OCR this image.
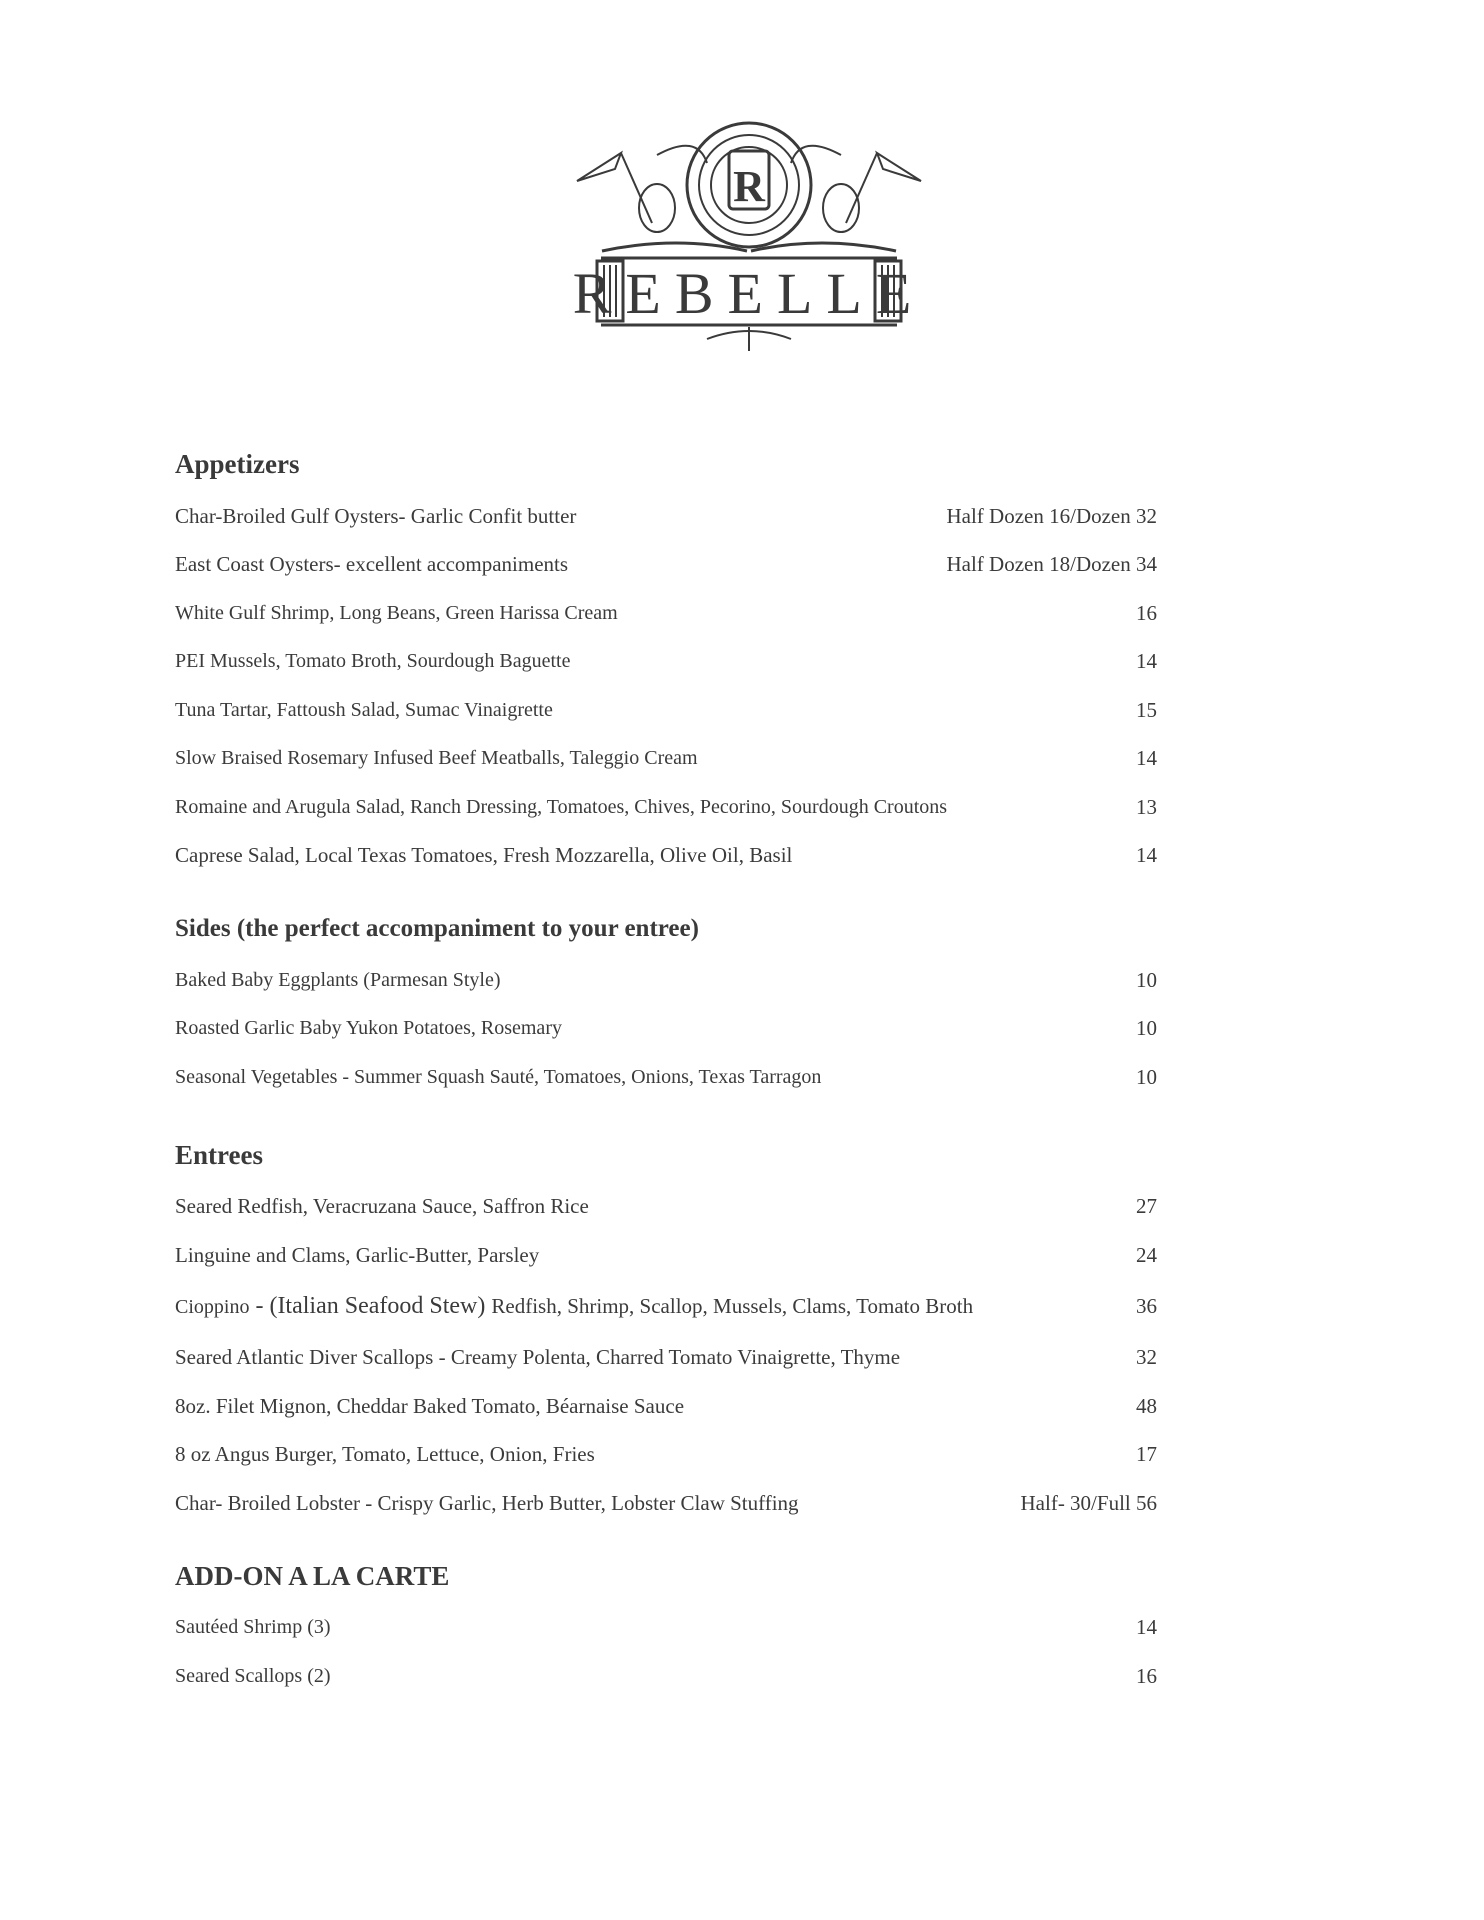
R
REBELLE
Appetizers
Char-Broiled Gulf Oysters- Garlic Confit butter	Half Dozen 16/Dozen 32
East Coast Oysters- excellent accompaniments	Half Dozen 18/Dozen 34
White Gulf Shrimp, Long Beans, Green Harissa Cream	16
PEI Mussels, Tomato Broth, Sourdough Baguette	14
Tuna Tartar, Fattoush Salad, Sumac Vinaigrette	15
Slow Braised Rosemary Infused Beef Meatballs, Taleggio Cream	14
Romaine and Arugula Salad, Ranch Dressing, Tomatoes, Chives, Pecorino, Sourdough Croutons	13
Caprese Salad, Local Texas Tomatoes, Fresh Mozzarella, Olive Oil, Basil	14
Sides (the perfect accompaniment to your entree)
Baked Baby Eggplants (Parmesan Style)	10
Roasted Garlic Baby Yukon Potatoes, Rosemary	10
Seasonal Vegetables - Summer Squash Sauté, Tomatoes, Onions, Texas Tarragon	10
Entrees
Seared Redfish, Veracruzana Sauce, Saffron Rice	27
Linguine and Clams, Garlic-Butter, Parsley	24
Cioppino - (Italian Seafood Stew) Redfish, Shrimp, Scallop, Mussels, Clams, Tomato Broth	36
Seared Atlantic Diver Scallops - Creamy Polenta, Charred Tomato Vinaigrette, Thyme	32
8oz. Filet Mignon, Cheddar Baked Tomato, Béarnaise Sauce	48
8 oz Angus Burger, Tomato, Lettuce, Onion, Fries	17
Char- Broiled Lobster - Crispy Garlic, Herb Butter, Lobster Claw Stuffing	Half- 30/Full 56
ADD-ON A LA CARTE
Sautéed Shrimp (3)	14
Seared Scallops (2)	16
